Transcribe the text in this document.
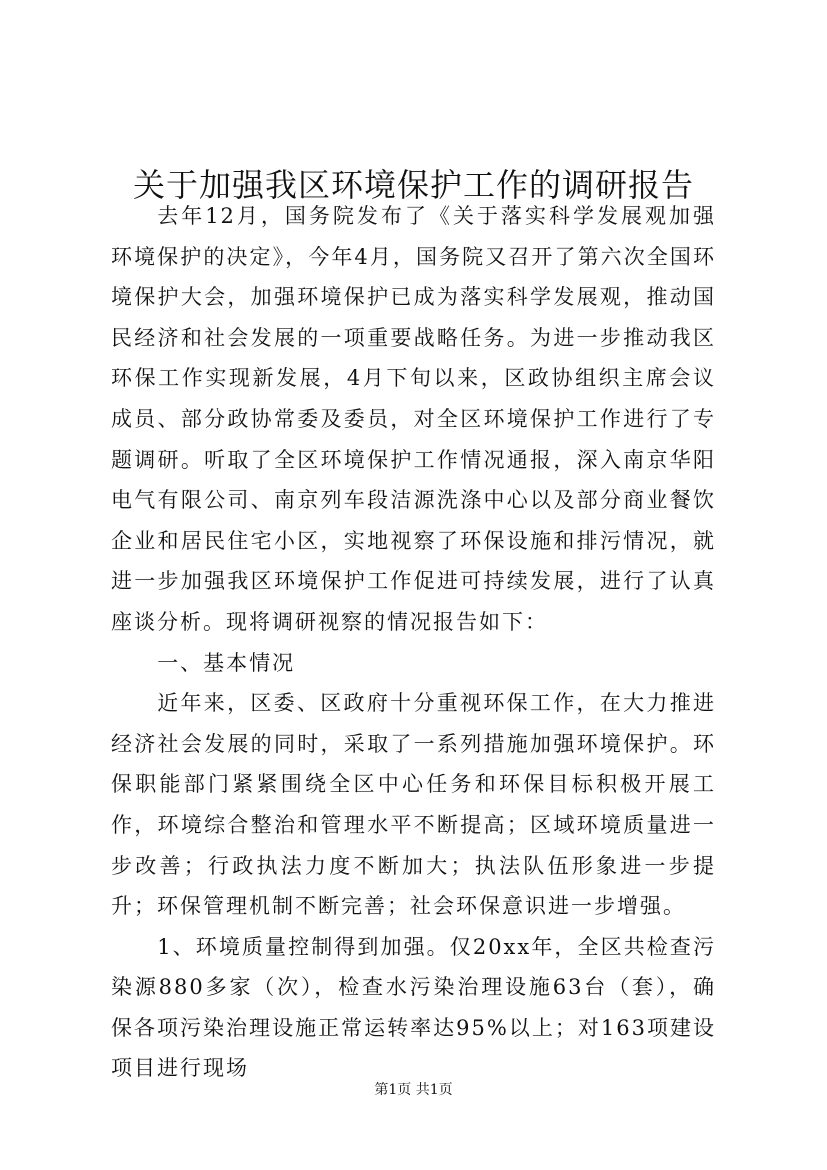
关于加强我区环境保护工作的调研报告

去年12月，国务院发布了《关于落实科学发展观加强环境保护的决定》，今年4月，国务院又召开了第六次全国环境保护大会，加强环境保护已成为落实科学发展观，推动国民经济和社会发展的一项重要战略任务。为进一步推动我区环保工作实现新发展，4月下旬以来，区政协组织主席会议成员、部分政协常委及委员，对全区环境保护工作进行了专题调研。听取了全区环境保护工作情况通报，深入南京华阳电气有限公司、南京列车段洁源洗涤中心以及部分商业餐饮企业和居民住宅小区，实地视察了环保设施和排污情况，就进一步加强我区环境保护工作促进可持续发展，进行了认真座谈分析。现将调研视察的情况报告如下：

一、基本情况

近年来，区委、区政府十分重视环保工作，在大力推进经济社会发展的同时，采取了一系列措施加强环境保护。环保职能部门紧紧围绕全区中心任务和环保目标积极开展工作，环境综合整治和管理水平不断提高；区域环境质量进一步改善；行政执法力度不断加大；执法队伍形象进一步提升；环保管理机制不断完善；社会环保意识进一步增强。

1、环境质量控制得到加强。仅20xx年，全区共检查污染源880多家（次），检查水污染治理设施63台（套），确保各项污染治理设施正常运转率达95%以上；对163项建设项目进行现场

第1页 共1页
